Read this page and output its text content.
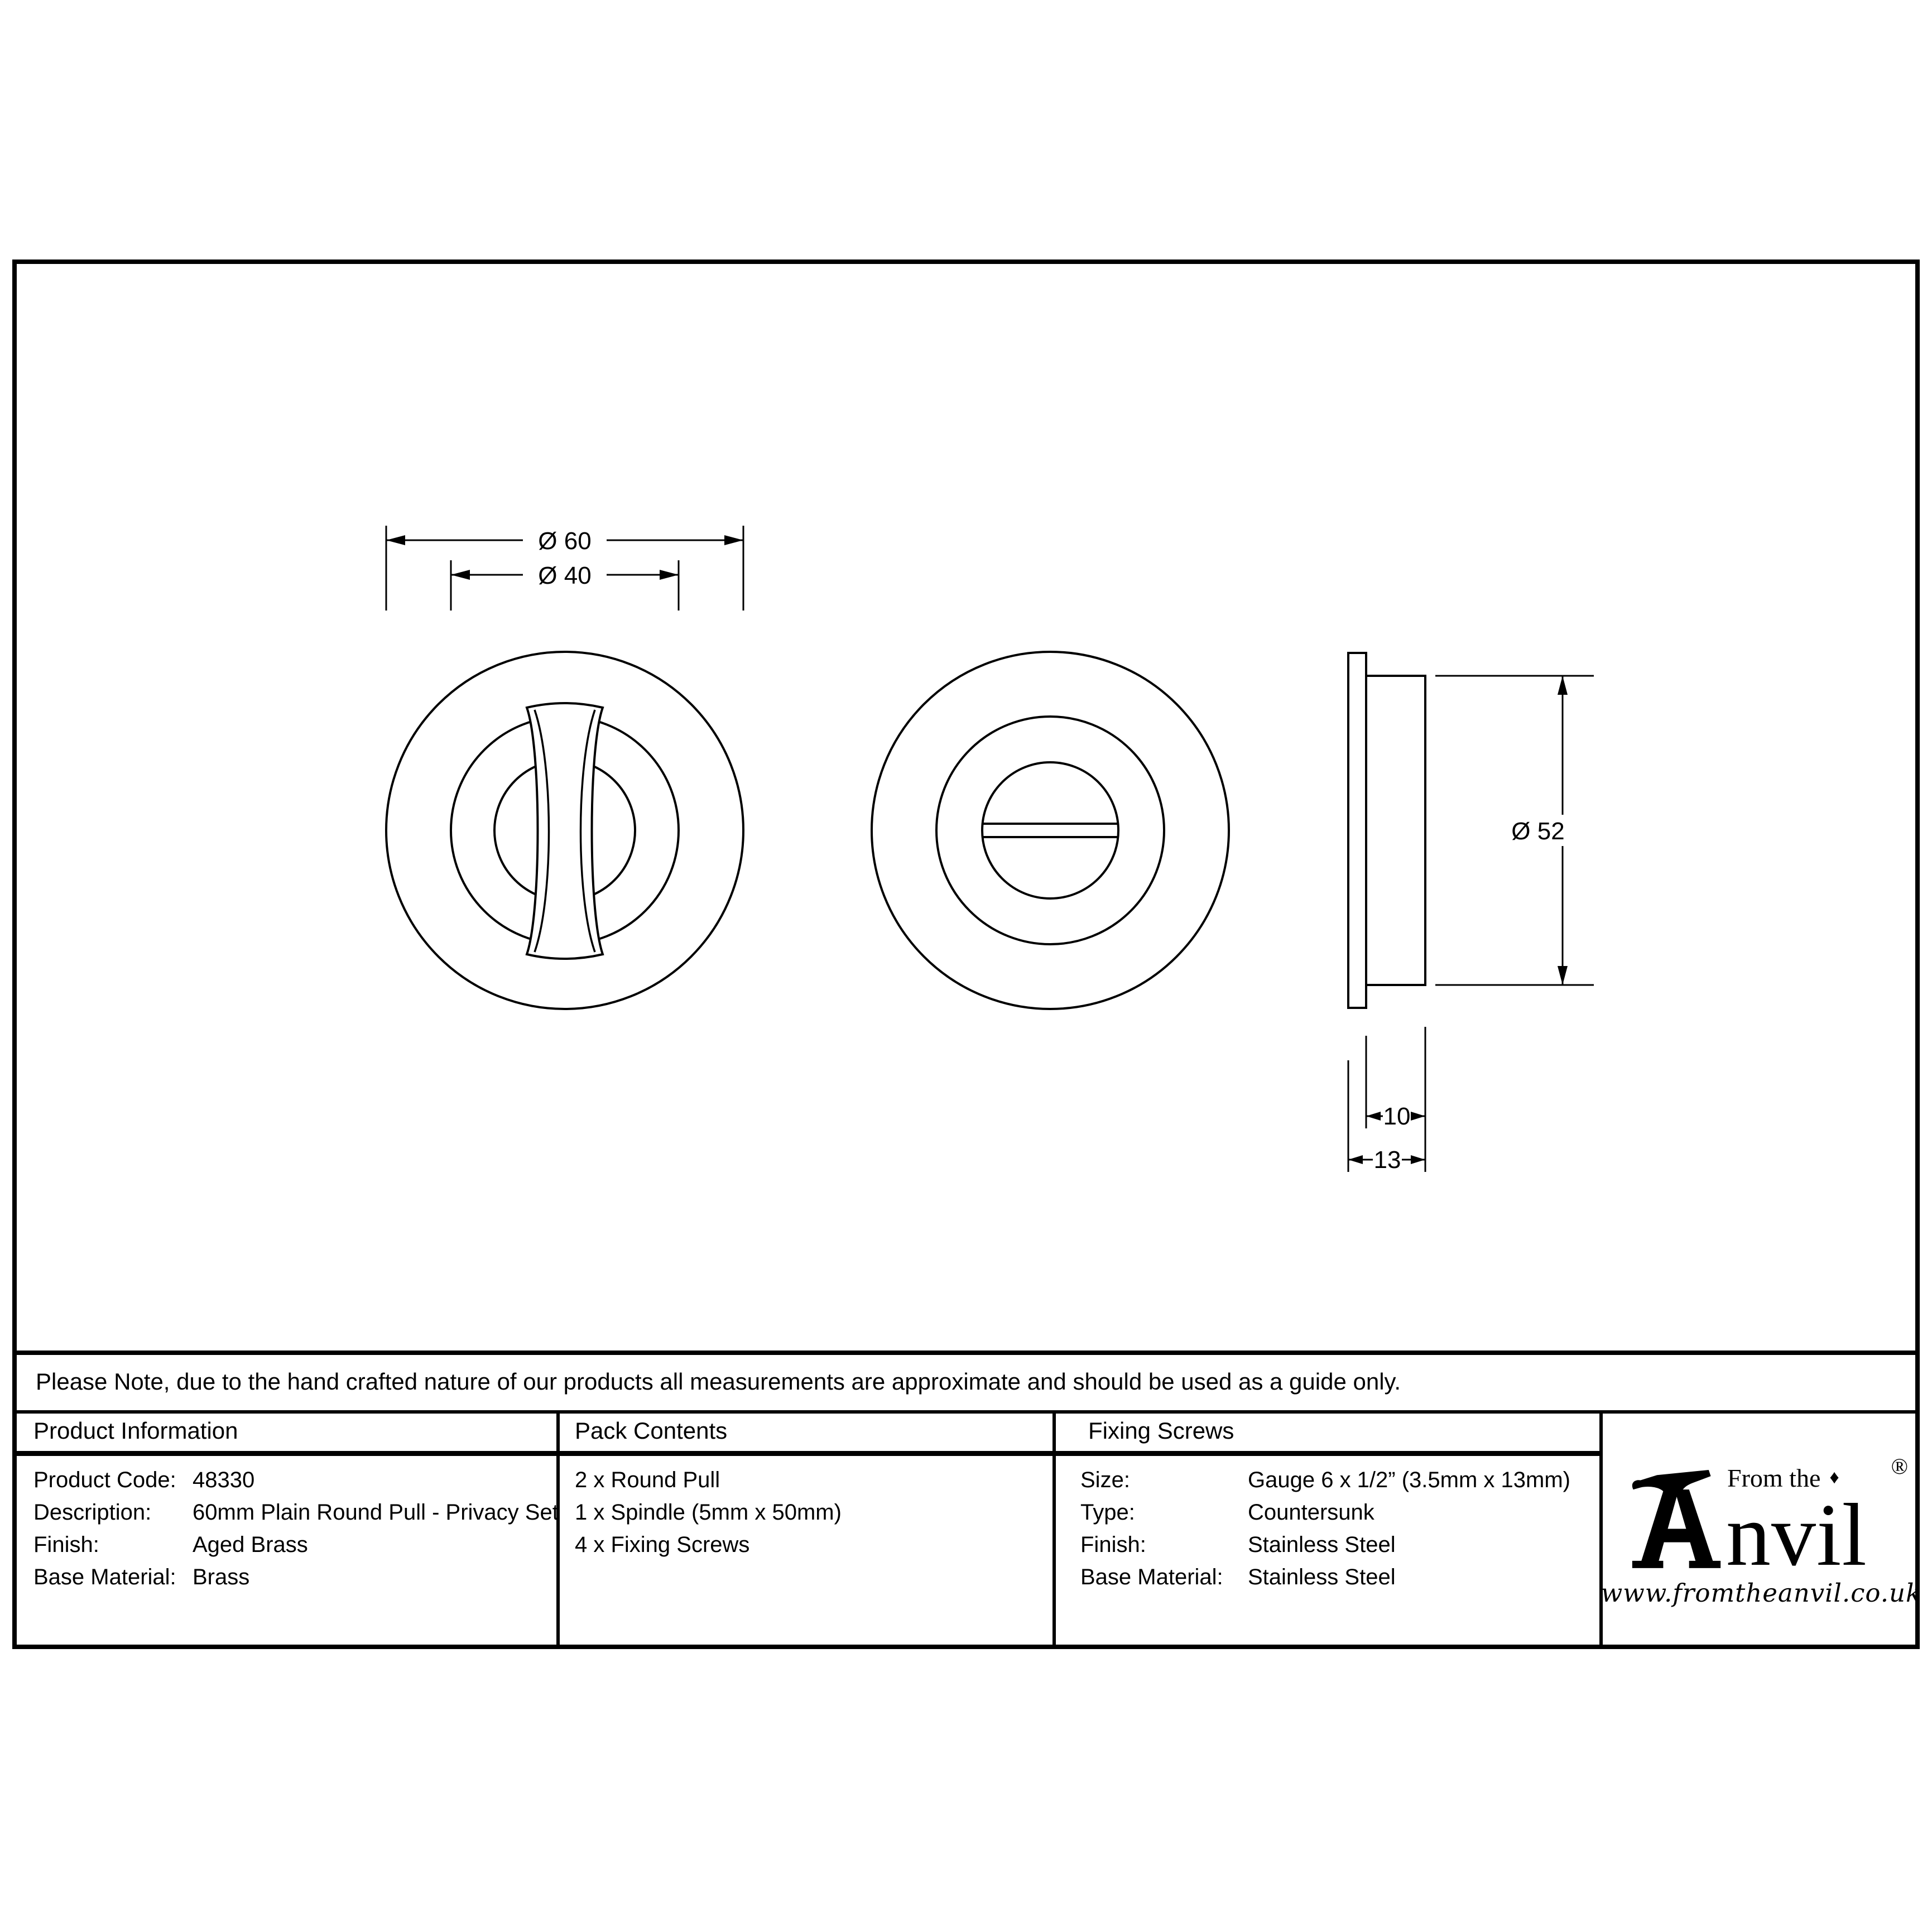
Ø 60
Ø 40
Ø 52
10
13
Please Note, due to the hand crafted nature of our products all measurements are approximate and should be used as a guide only.
Product Information	Pack Contents	Fixing Screws
Product Code: 48330
Description:	60mm Plain Round Pull - Privacy Set
Finish:	Aged Brass
Base Material: Brass
2 x Round Pull
1 x Spindle (5mm x 50mm)
4 x Fixing Screws
Size:	Gauge 6 x 1/2” (3.5mm x 13mm)
Type:	Countersunk
Finish:	Stainless Steel
Base Material:	Stainless Steel
From the ♦
nvil
®
www.fromtheanvil.co.uk
